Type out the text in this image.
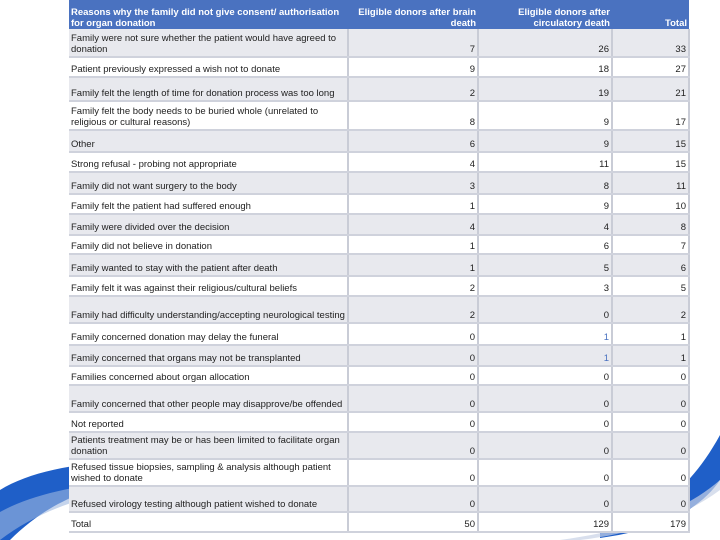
Reasons why the family did not give consent/ authorisation for organ donation	Eligible donors after brain death	Eligible donors after circulatory death	Total
Family were not sure whether the patient would have agreed to donation	7	26	33
Patient previously expressed a wish not to donate	9	18	27
Family felt the length of time for donation process was too long	2	19	21
Family felt the body needs to be buried whole (unrelated to religious or cultural reasons)	8	9	17
Other	6	9	15
Strong refusal - probing not appropriate	4	11	15
Family did not want surgery to the body	3	8	11
Family felt the patient had suffered enough	1	9	10
Family were divided over the decision	4	4	8
Family did not believe in donation	1	6	7
Family wanted to stay with the patient after death	1	5	6
Family felt it was against their religious/cultural beliefs	2	3	5
Family had difficulty understanding/accepting neurological testing	2	0	2
Family concerned donation may delay the funeral	0	1	1
Family concerned that organs may not be transplanted	0	1	1
Families concerned about organ allocation	0	0	0
Family concerned that other people may disapprove/be offended	0	0	0
Not reported	0	0	0
Patients treatment may be or has been limited to facilitate organ donation	0	0	0
Refused tissue biopsies, sampling & analysis although patient wished to donate	0	0	0
Refused virology testing although patient wished to donate	0	0	0
Total	50	129	179
